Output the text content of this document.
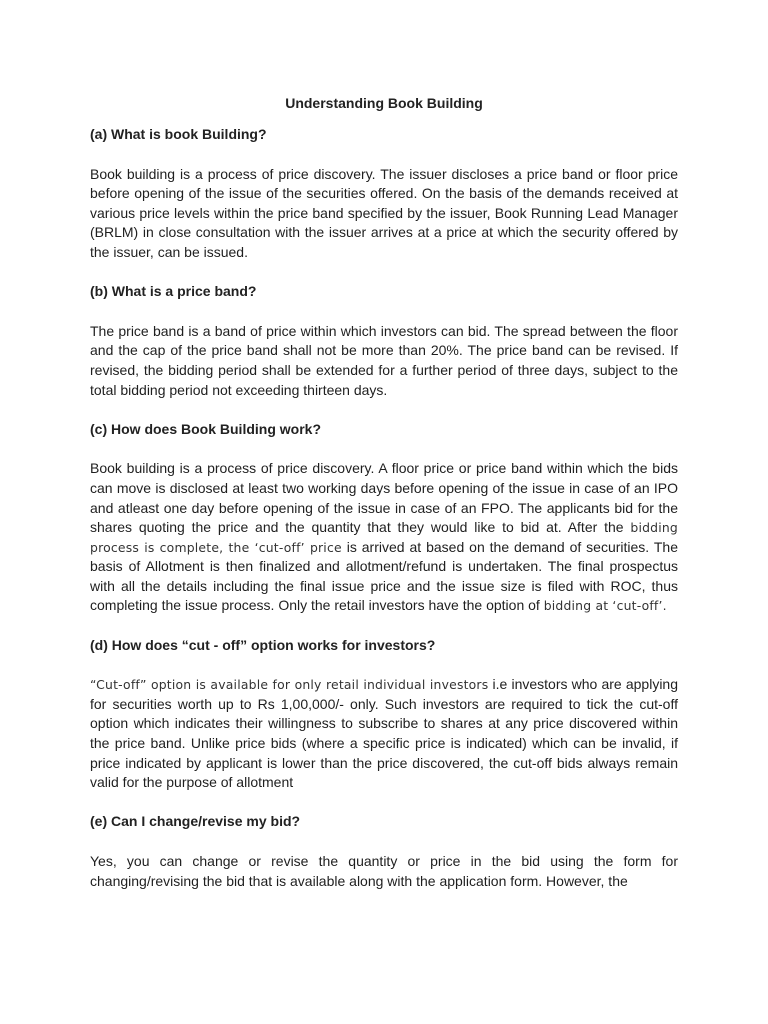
Understanding Book Building
(a) What is book Building?

Book building is a process of price discovery. The issuer discloses a price band or floor price before opening of the issue of the securities offered. On the basis of the demands received at various price levels within the price band specified by the issuer, Book Running Lead Manager (BRLM) in close consultation with the issuer arrives at a price at which the security offered by the issuer, can be issued.

(b) What is a price band?

The price band is a band of price within which investors can bid. The spread between the floor and the cap of the price band shall not be more than 20%. The price band can be revised. If revised, the bidding period shall be extended for a further period of three days, subject to the total bidding period not exceeding thirteen days.

(c) How does Book Building work?

Book building is a process of price discovery. A floor price or price band within which the bids can move is disclosed at least two working days before opening of the issue in case of an IPO and atleast one day before opening of the issue in case of an FPO. The applicants bid for the shares quoting the price and the quantity that they would like to bid at. After the bidding process is complete, the ‘cut-off’ price is arrived at based on the demand of securities. The basis of Allotment is then finalized and allotment/refund is undertaken. The final prospectus with all the details including the final issue price and the issue size is filed with ROC, thus completing the issue process. Only the retail investors have the option of bidding at ‘cut-off’.

(d) How does “cut - off” option works for investors?

“Cut-off” option is available for only retail individual investors i.e investors who are applying for securities worth up to Rs 1,00,000/- only. Such investors are required to tick the cut-off option which indicates their willingness to subscribe to shares at any price discovered within the price band. Unlike price bids (where a specific price is indicated) which can be invalid, if price indicated by applicant is lower than the price discovered, the cut-off bids always remain valid for the purpose of allotment

(e) Can I change/revise my bid?

Yes, you can change or revise the quantity or price in the bid using the form for changing/revising the bid that is available along with the application form. However, the
